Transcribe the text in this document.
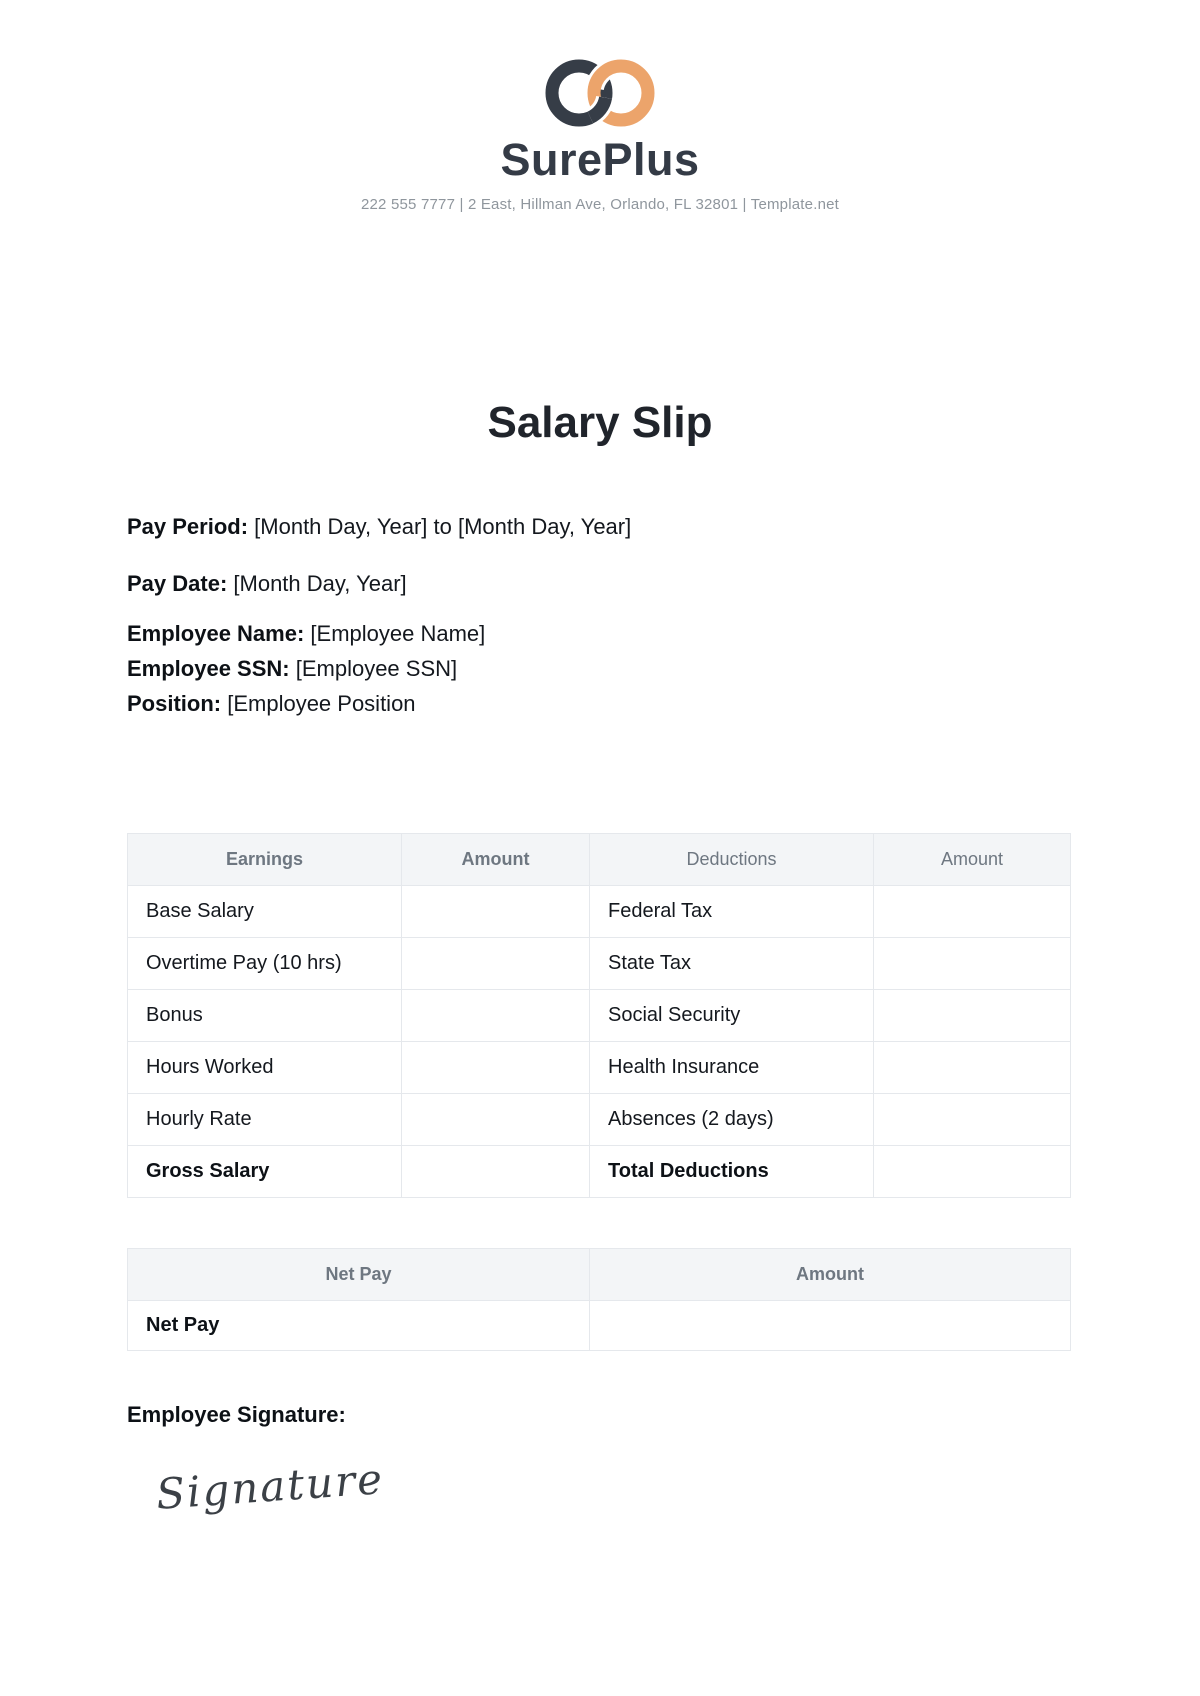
SurePlus
222 555 7777 | 2 East, Hillman Ave, Orlando, FL 32801 | Template.net
Salary Slip
Pay Period: [Month Day, Year] to [Month Day, Year]
Pay Date: [Month Day, Year]
Employee Name: [Employee Name]
Employee SSN: [Employee SSN]
Position: [Employee Position
Earnings	Amount	Deductions	Amount
Base Salary		Federal Tax	
Overtime Pay (10 hrs)		State Tax	
Bonus		Social Security	
Hours Worked		Health Insurance	
Hourly Rate		Absences (2 days)	
Gross Salary		Total Deductions	
Net Pay	Amount
Net Pay	
Employee Signature:
Signature
